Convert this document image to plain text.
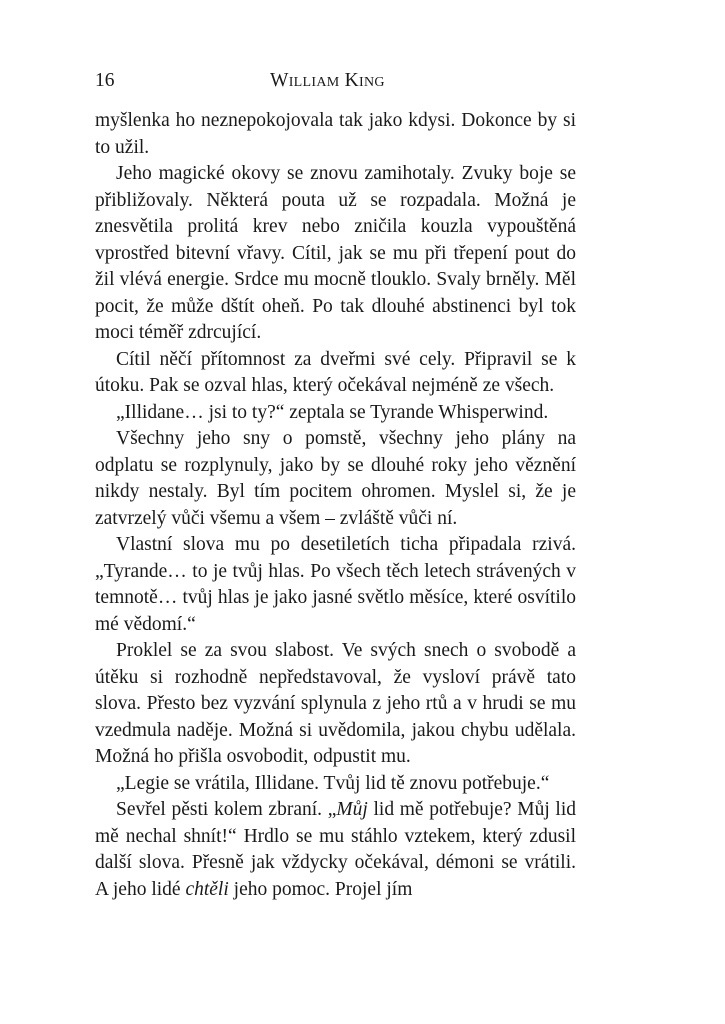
16	William King

myšlenka ho neznepokojovala tak jako kdysi. Dokonce by si to užil.

Jeho magické okovy se znovu zamihotaly. Zvuky boje se přibližovaly. Některá pouta už se rozpadala. Možná je znesvětila prolitá krev nebo zničila kouzla vypouštěná vprostřed bitevní vřavy. Cítil, jak se mu při třepení pout do žil vlévá energie. Srdce mu mocně tlouklo. Svaly brněly. Měl pocit, že může dštít oheň. Po tak dlouhé abstinenci byl tok moci téměř zdrcující.

Cítil něčí přítomnost za dveřmi své cely. Připravil se k útoku. Pak se ozval hlas, který očekával nejméně ze všech.

„Illidane… jsi to ty?“ zeptala se Tyrande Whisperwind.

Všechny jeho sny o pomstě, všechny jeho plány na odplatu se rozplynuly, jako by se dlouhé roky jeho věznění nikdy nestaly. Byl tím pocitem ohromen. Myslel si, že je zatvrzelý vůči všemu a všem – zvláště vůči ní.

Vlastní slova mu po desetiletích ticha připadala rzivá. „Tyrande… to je tvůj hlas. Po všech těch letech strávených v temnotě… tvůj hlas je jako jasné světlo měsíce, které osvítilo mé vědomí.“

Proklel se za svou slabost. Ve svých snech o svobodě a útěku si rozhodně nepředstavoval, že vysloví právě tato slova. Přesto bez vyzvání splynula z jeho rtů a v hrudi se mu vzedmula naděje. Možná si uvědomila, jakou chybu udělala. Možná ho přišla osvobodit, odpustit mu.

„Legie se vrátila, Illidane. Tvůj lid tě znovu potřebuje.“

Sevřel pěsti kolem zbraní. „Můj lid mě potřebuje? Můj lid mě nechal shnít!“ Hrdlo se mu stáhlo vztekem, který zdusil další slova. Přesně jak vždycky očekával, démoni se vrátili. A jeho lidé chtěli jeho pomoc. Projel jím
